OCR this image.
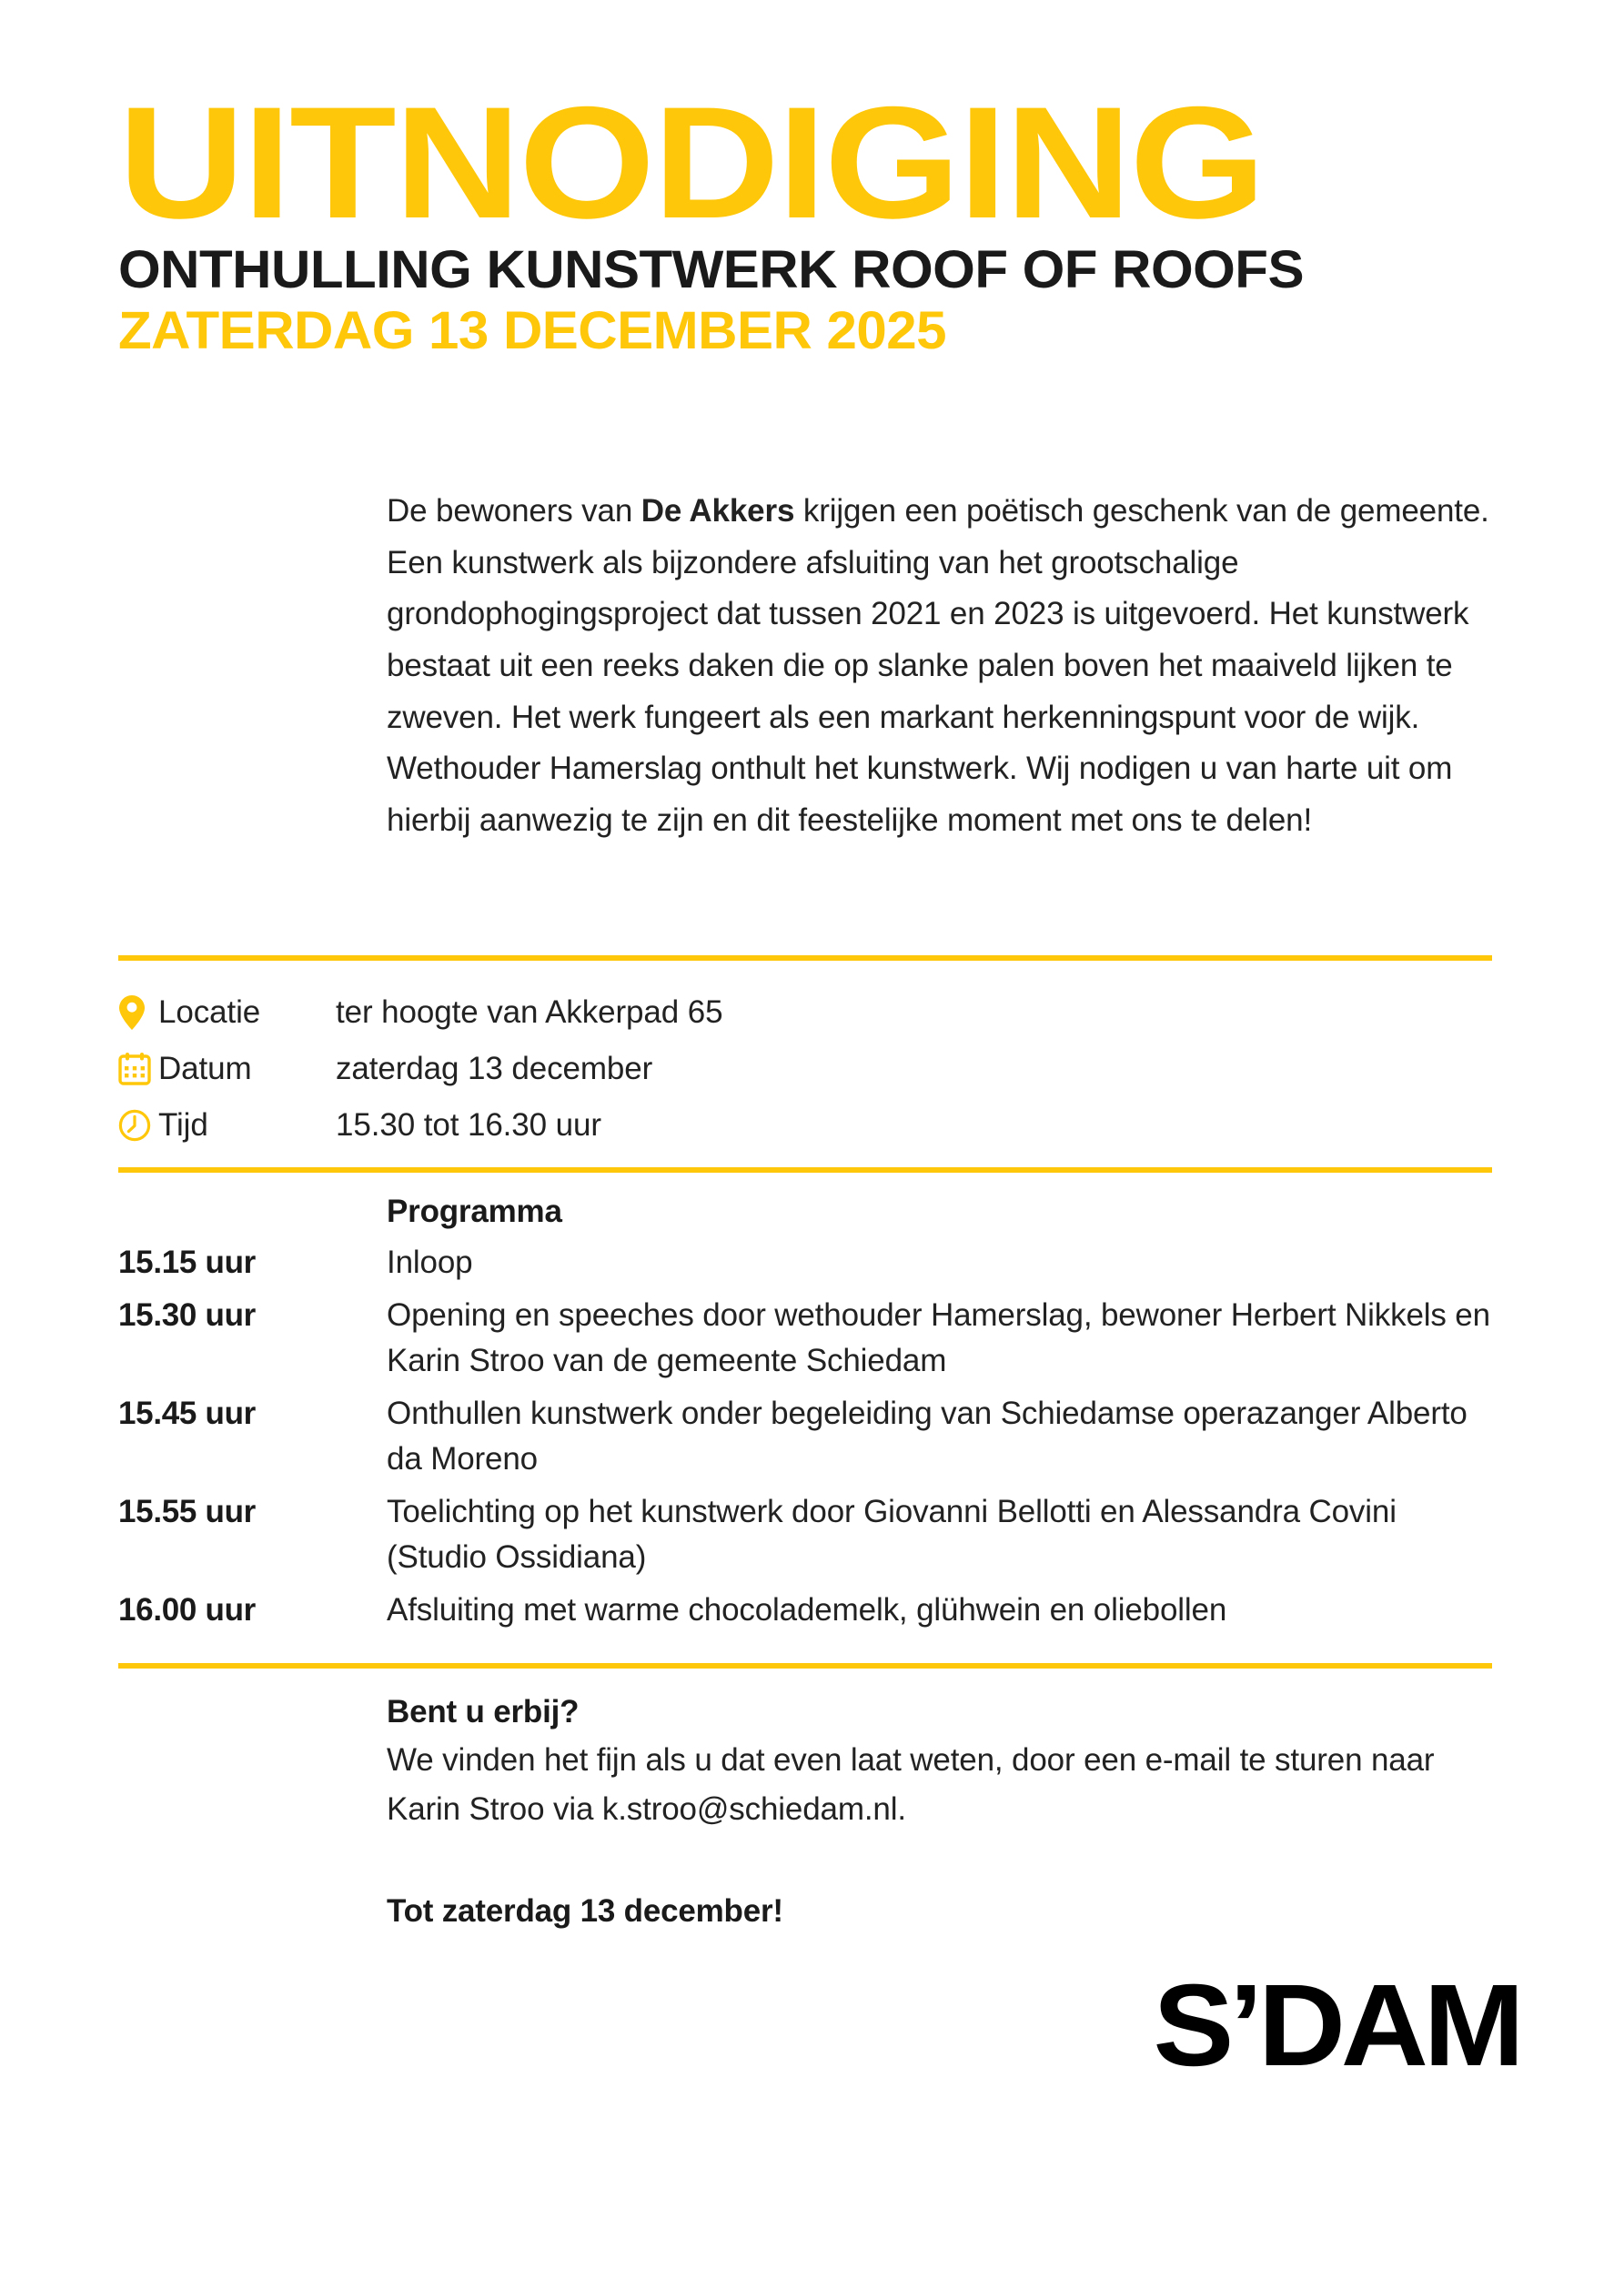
UITNODIGING
ONTHULLING KUNSTWERK ROOF OF ROOFS
ZATERDAG 13 DECEMBER 2025

De bewoners van De Akkers krijgen een poëtisch geschenk van de gemeente. Een kunstwerk als bijzondere afsluiting van het grootschalige grondophogingsproject dat tussen 2021 en 2023 is uitgevoerd. Het kunstwerk bestaat uit een reeks daken die op slanke palen boven het maaiveld lijken te zweven. Het werk fungeert als een markant herkenningspunt voor de wijk. Wethouder Hamerslag onthult het kunstwerk. Wij nodigen u van harte uit om hierbij aanwezig te zijn en dit feestelijke moment met ons te delen!

Locatie	ter hoogte van Akkerpad 65
Datum	zaterdag 13 december
Tijd	15.30 tot 16.30 uur
Programma
15.15 uur	Inloop
15.30 uur	Opening en speeches door wethouder Hamerslag, bewoner Herbert Nikkels en Karin Stroo van de gemeente Schiedam
15.45 uur	Onthullen kunstwerk onder begeleiding van Schiedamse operazanger Alberto da Moreno
15.55 uur	Toelichting op het kunstwerk door Giovanni Bellotti en Alessandra Covini (Studio Ossidiana)
16.00 uur	Afsluiting met warme chocolademelk, glühwein en oliebollen
Bent u erbij?
We vinden het fijn als u dat even laat weten, door een e-mail te sturen naar Karin Stroo via k.stroo@schiedam.nl.
Tot zaterdag 13 december!
S’DAM
